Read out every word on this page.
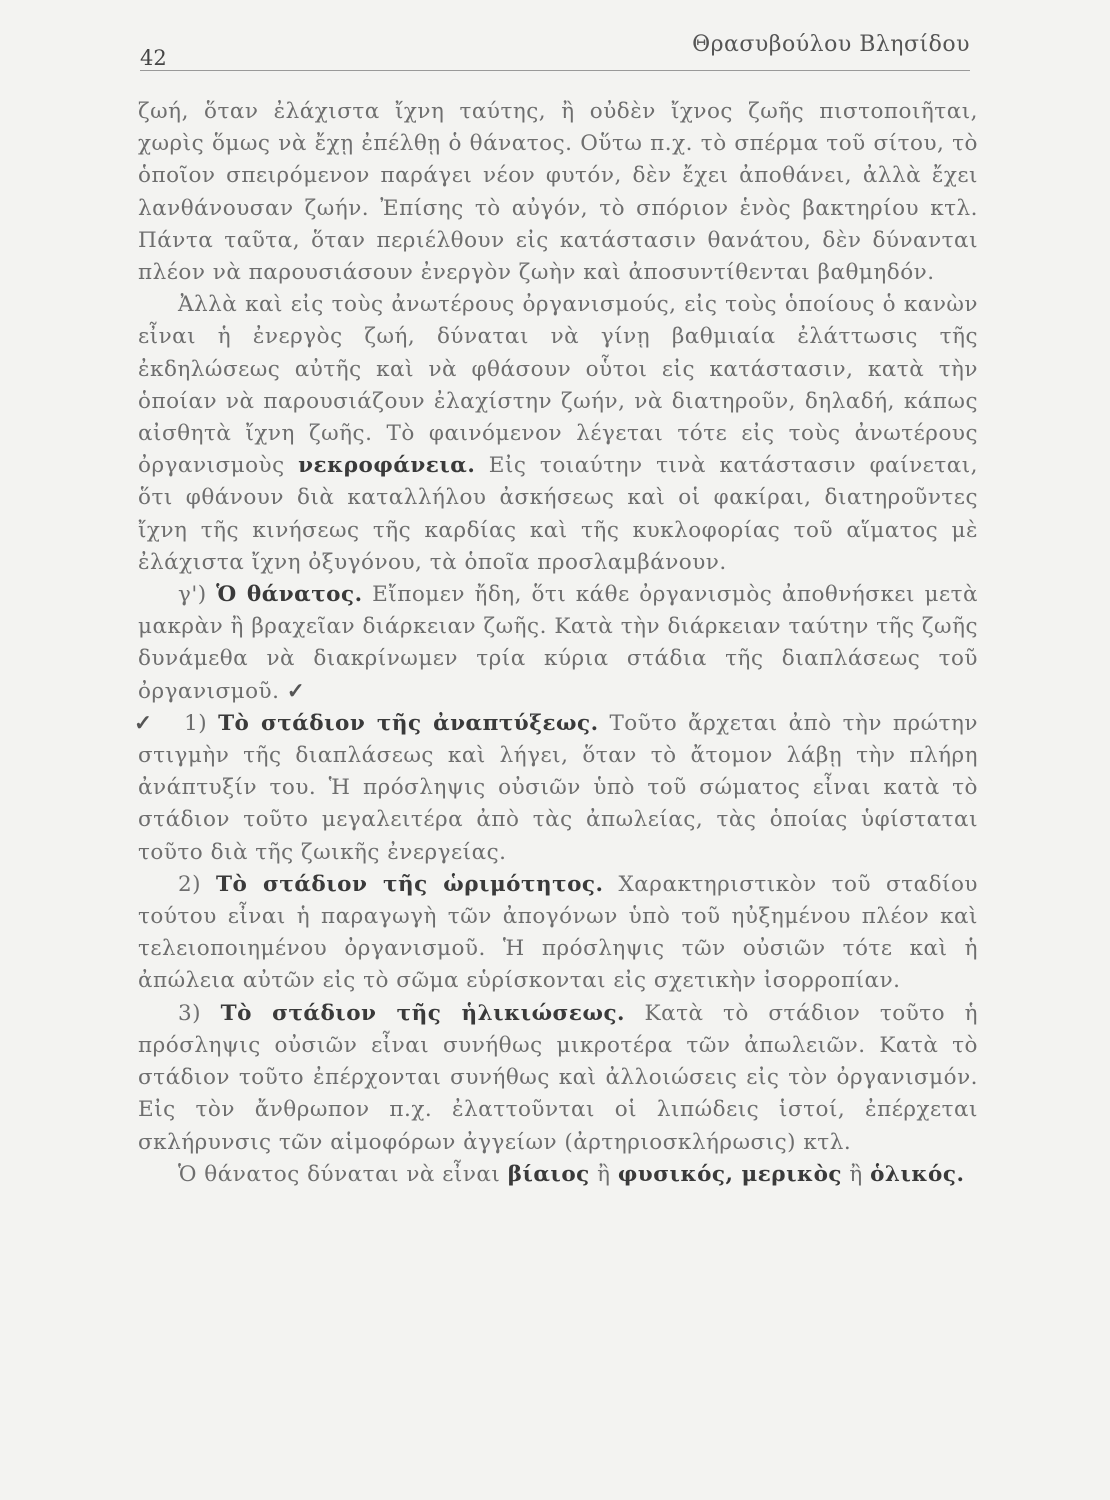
42
Θρασυβούλου Βλησίδου

ζωή, ὅταν ἐλάχιστα ἴχνη ταύτης, ἢ οὐδὲν ἴχνος ζωῆς πιστοποιῆται, χωρὶς ὅμως νὰ ἔχῃ ἐπέλθῃ ὁ θάνατος. Οὕτω π.χ. τὸ σπέρμα τοῦ σίτου, τὸ ὁποῖον σπειρόμενον παράγει νέον φυτόν, δὲν ἔχει ἀποθάνει, ἀλλὰ ἔχει λανθάνουσαν ζωήν. Ἐπίσης τὸ αὐγόν, τὸ σπόριον ἑνὸς βακτηρίου κτλ. Πάντα ταῦτα, ὅταν περιέλθουν εἰς κατάστασιν θανάτου, δὲν δύνανται πλέον νὰ παρουσιάσουν ἐνεργὸν ζωὴν καὶ ἀποσυντίθενται βαθμηδόν.

Ἀλλὰ καὶ εἰς τοὺς ἀνωτέρους ὀργανισμούς, εἰς τοὺς ὁποίους ὁ κανὼν εἶναι ἡ ἐνεργὸς ζωή, δύναται νὰ γίνῃ βαθμιαία ἐλάττωσις τῆς ἐκδηλώσεως αὐτῆς καὶ νὰ φθάσουν οὗτοι εἰς κατάστασιν, κατὰ τὴν ὁποίαν νὰ παρουσιάζουν ἐλαχίστην ζωήν, νὰ διατηροῦν, δηλαδή, κάπως αἰσθητὰ ἴχνη ζωῆς. Τὸ φαινόμενον λέγεται τότε εἰς τοὺς ἀνωτέρους ὀργανισμοὺς νεκροφάνεια. Εἰς τοιαύτην τινὰ κατάστασιν φαίνεται, ὅτι φθάνουν διὰ καταλλήλου ἀσκήσεως καὶ οἱ φακίραι, διατηροῦντες ἴχνη τῆς κινήσεως τῆς καρδίας καὶ τῆς κυκλοφορίας τοῦ αἵματος μὲ ἐλάχιστα ἴχνη ὀξυγόνου, τὰ ὁποῖα προσλαμβάνουν.

γ') Ὁ θάνατος. Εἴπομεν ἤδη, ὅτι κάθε ὀργανισμὸς ἀποθνήσκει μετὰ μακρὰν ἢ βραχεῖαν διάρκειαν ζωῆς. Κατὰ τὴν διάρκειαν ταύτην τῆς ζωῆς δυνάμεθα νὰ διακρίνωμεν τρία κύρια στάδια τῆς διαπλάσεως τοῦ ὀργανισμοῦ. ✓

✓ 1) Τὸ στάδιον τῆς ἀναπτύξεως. Τοῦτο ἄρχεται ἀπὸ τὴν πρώτην στιγμὴν τῆς διαπλάσεως καὶ λήγει, ὅταν τὸ ἄτομον λάβῃ τὴν πλήρη ἀνάπτυξίν του. Ἡ πρόσληψις οὐσιῶν ὑπὸ τοῦ σώματος εἶναι κατὰ τὸ στάδιον τοῦτο μεγαλειτέρα ἀπὸ τὰς ἀπωλείας, τὰς ὁποίας ὑφίσταται τοῦτο διὰ τῆς ζωικῆς ἐνεργείας.

2) Τὸ στάδιον τῆς ὡριμότητος. Χαρακτηριστικὸν τοῦ σταδίου τούτου εἶναι ἡ παραγωγὴ τῶν ἀπογόνων ὑπὸ τοῦ ηὐξημένου πλέον καὶ τελειοποιημένου ὀργανισμοῦ. Ἡ πρόσληψις τῶν οὐσιῶν τότε καὶ ἡ ἀπώλεια αὐτῶν εἰς τὸ σῶμα εὑρίσκονται εἰς σχετικὴν ἰσορροπίαν.

3) Τὸ στάδιον τῆς ἡλικιώσεως. Κατὰ τὸ στάδιον τοῦτο ἡ πρόσληψις οὐσιῶν εἶναι συνήθως μικροτέρα τῶν ἀπωλειῶν. Κατὰ τὸ στάδιον τοῦτο ἐπέρχονται συνήθως καὶ ἀλλοιώσεις εἰς τὸν ὀργανισμόν. Εἰς τὸν ἄνθρωπον π.χ. ἐλαττοῦνται οἱ λιπώδεις ἱστοί, ἐπέρχεται σκλήρυνσις τῶν αἱμοφόρων ἀγγείων (ἀρτηριοσκλήρωσις) κτλ.

Ὁ θάνατος δύναται νὰ εἶναι βίαιος ἢ φυσικός, μερικὸς ἢ ὁλικός.
